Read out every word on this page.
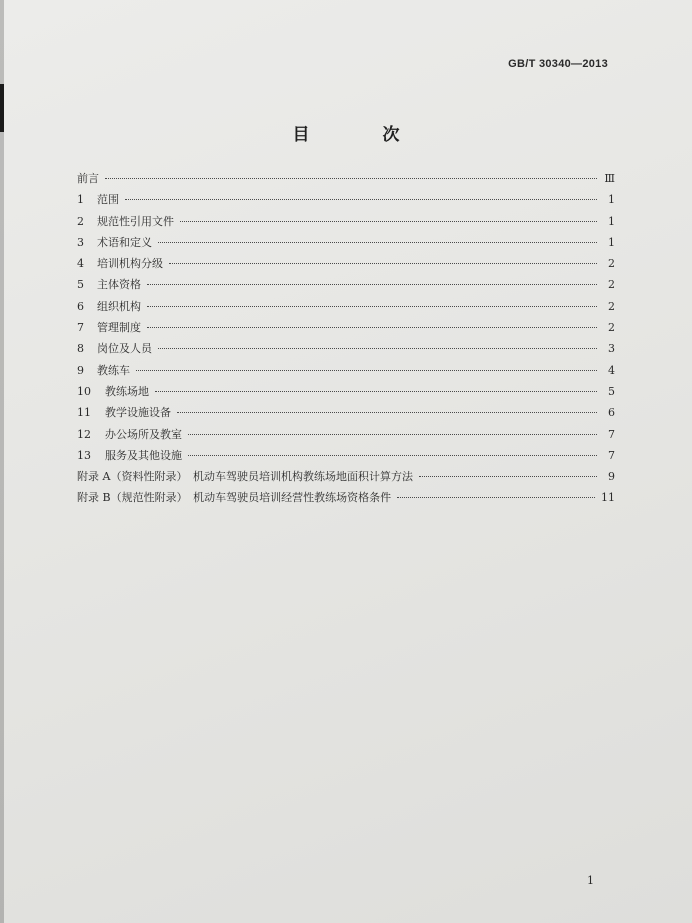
GB/T 30340—2013
目　次
前言	Ⅲ
1	范围	1
2	规范性引用文件	1
3	术语和定义	1
4	培训机构分级	2
5	主体资格	2
6	组织机构	2
7	管理制度	2
8	岗位及人员	3
9	教练车	4
10	教练场地	5
11	教学设施设备	6
12	办公场所及教室	7
13	服务及其他设施	7
附录 A（资料性附录）　机动车驾驶员培训机构教练场地面积计算方法	9
附录 B（规范性附录）　机动车驾驶员培训经营性教练场资格条件	11
1
